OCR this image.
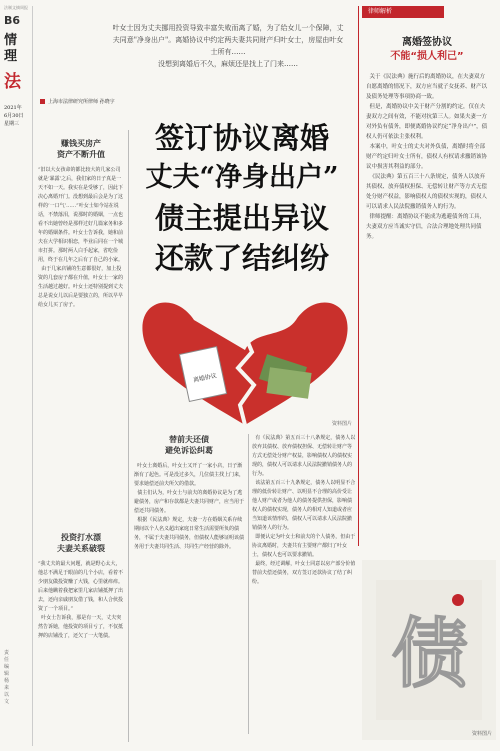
法制文摘周报
B6
情理
法
2021年
6月30日
星期三
叶女士因为丈夫挪用投资导致丰富失败而离了婚，为了给女儿一个保障，丈夫同意"净身出户"。离婚协议中约定两夫妻共同财产归叶女士，房屋由叶女士所有……
没想到离婚后不久，麻烦还是找上了门来……
律师解析
离婚签协议
不能“损人利己”
关于《民法典》施行后的离婚协议，在夫妻双方自愿离婚的情况下，双方应当就子女抚养、财产以及债务处理等事项协商一致。
但是，离婚协议中关于财产分割的约定，仅在夫妻双方之间有效，不能对抗第三人。如果夫妻一方对外负有债务，即便离婚协议约定“净身出户”，债权人仍可依法主张权利。
本案中，叶女士的丈夫对外负债，离婚时将全部财产约定归叶女士所有，债权人有权请求撤销该协议中损害其利益的部分。
《民法典》第五百三十八条规定，债务人以放弃其债权、放弃债权担保、无偿转让财产等方式无偿处分财产权益，影响债权人的债权实现的，债权人可以请求人民法院撤销债务人的行为。
律师提醒：离婚协议不能成为逃避债务的工具，夫妻双方应当诚实守信，合法合理地处理共同债务。
上海市法律研究所律师 孙晓宇
签订协议离婚
丈夫“净身出户”
债主提出异议
还款了结纠纷
赚钱买房产
资产不断升值
“旧以大女孩命的都比较大的几家公司就是‘暴露’之后，我们家的日子真是一天不如一天。我实在是受够了，因此下决心离婚开门。没想到最后会是为了这样的‘一口气’……”叶女士如今站在说话，不禁落泪，说那时的婚姻，一点也看不出她曾经是那样过好几篇家务和多年的婚姻条件。叶女士告诉我，她和前夫在大学相识相恋，毕业后同在一个城市打拼。那时两人白手起家，省吃俭用，终于在几年之后有了自己的小家。
由于几家店铺的生意都很好，加上投资的几套房子都在升值，叶女士一家的生活越过越好。叶女士还特别提到丈夫总是说女儿以后是要独立的，所以早早给女儿买了房子。
投资打水漂
夫妻关系破裂
“我丈夫的最大问题，就是野心太大，他总不满足于眼前的几个小店，看着不少朋友做投资赚了大钱，心里就痒痒。后来他瞒着我把家里几家店铺抵押了出去，还向亲戚朋友借了钱，和人合伙投资了一个项目。”
叶女士告诉我，那是有一天，丈夫突然告诉她，他投资的项目亏了，不仅抵押的店铺没了，还欠了一大笔债。
离婚协议
资料图片
替前夫还债
避免诉讼纠葛
叶女士离婚后，叶女士又开了一家小店，日子渐渐有了起色。可是没过多久，几位债主找上门来，要求她偿还前夫所欠的借款。
债主们认为，叶女士与前夫的离婚协议是为了逃避债务，房产和存款都是夫妻共同财产，应当用于偿还共同债务。
根据《民法典》规定，夫妻一方在婚姻关系存续期间以个人名义超出家庭日常生活需要所负的债务，不属于夫妻共同债务，但债权人能够证明该债务用于夫妻共同生活、共同生产经营的除外。
有《民法典》第五百三十八条规定，债务人以放弃其债权、放弃债权担保、无偿转让财产等方式无偿处分财产权益，影响债权人的债权实现的，债权人可以请求人民法院撤销债务人的行为。
该法第五百三十九条规定，债务人以明显不合理的低价转让财产、以明显不合理的高价受让他人财产或者为他人的债务提供担保，影响债权人的债权实现，债务人的相对人知道或者应当知道该情形的，债权人可以请求人民法院撤销债务人的行为。
即便认定为叶女士和前夫的个人债务，但由于协议离婚时，夫妻共有主要财产都归了叶女士，债权人也可以要求撤销。
最终，经过调解，叶女士同意以房产部分价值替前夫偿还债务，双方签订还款协议了结了纠纷。
债
资料图片
责任编辑 杨来以文
